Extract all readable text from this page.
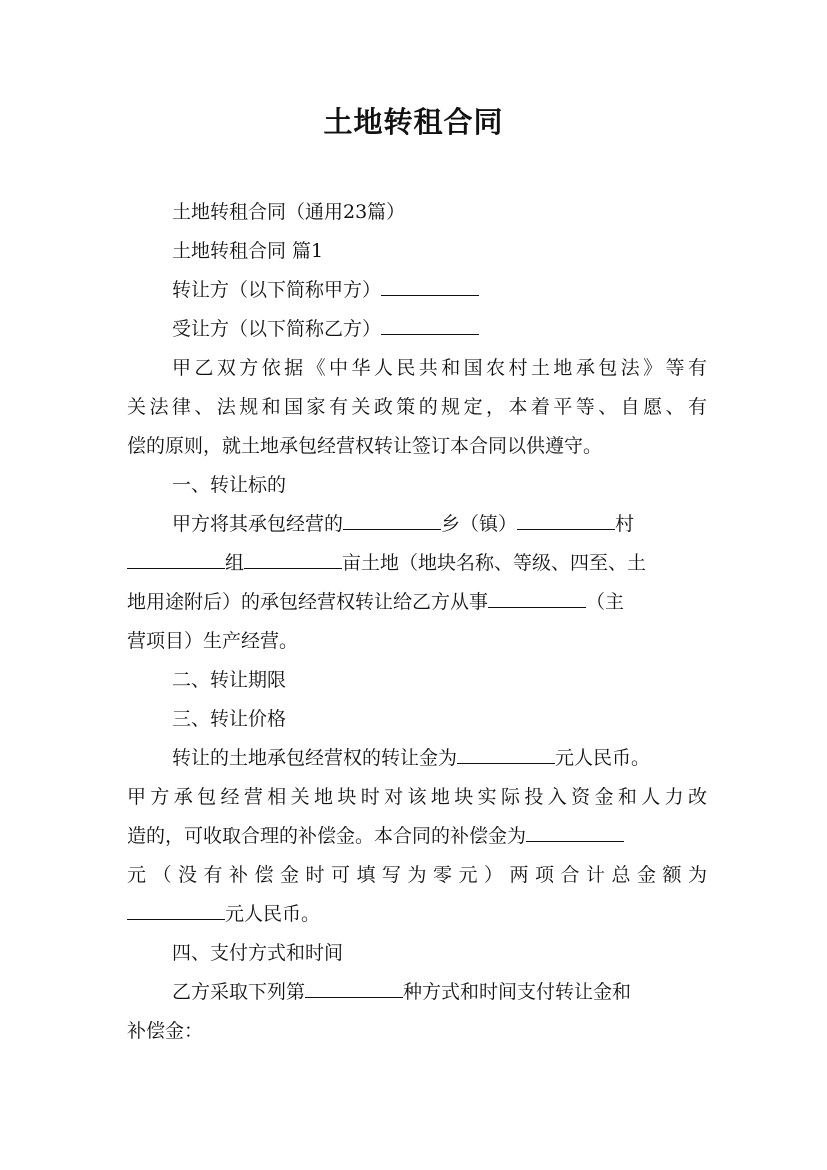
土地转租合同
土地转租合同（通用23篇）
土地转租合同 篇1
转让方（以下简称甲方）
受让方（以下简称乙方）
甲乙双方依据《中华人民共和国农村土地承包法》等有
关法律、法规和国家有关政策的规定，本着平等、自愿、有
偿的原则，就土地承包经营权转让签订本合同以供遵守。
一、转让标的
甲方将其承包经营的	乡（镇）	村
组	亩土地（地块名称、等级、四至、土
地用途附后）的承包经营权转让给乙方从事	（主
营项目）生产经营。
二、转让期限
三、转让价格
转让的土地承包经营权的转让金为	元人民币。
甲方承包经营相关地块时对该地块实际投入资金和人力改
造的，可收取合理的补偿金。本合同的补偿金为
元（没有补偿金时可填写为零元）两项合计总金额为
元人民币。
四、支付方式和时间
乙方采取下列第	种方式和时间支付转让金和
补偿金：
